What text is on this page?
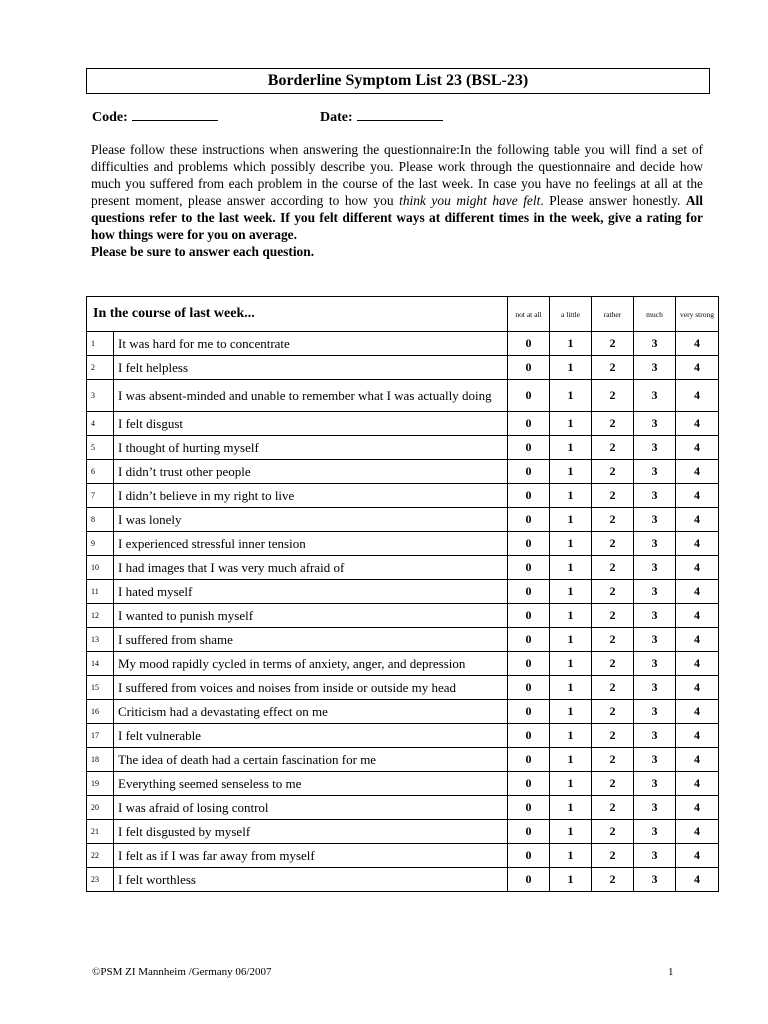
Borderline Symptom List 23 (BSL-23)
Code:	Date:
Please follow these instructions when answering the questionnaire:In the following table you will find a set of difficulties and problems which possibly describe you. Please work through the questionnaire and decide how much you suffered from each problem in the course of the last week. In case you have no feelings at all at the present moment, please answer according to how you think you might have felt. Please answer honestly. All questions refer to the last week. If you felt different ways at different times in the week, give a rating for how things were for you on average.
Please be sure to answer each question.
In the course of last week...		not at all	a little	rather	much	very strong
1	It was hard for me to concentrate	0	1	2	3	4
2	I felt helpless	0	1	2	3	4
3	I was absent-minded and unable to remember what I was actually doing	0	1	2	3	4
4	I felt disgust	0	1	2	3	4
5	I thought of hurting myself	0	1	2	3	4
6	I didn’t trust other people	0	1	2	3	4
7	I didn’t believe in my right to live	0	1	2	3	4
8	I was lonely	0	1	2	3	4
9	I experienced stressful inner tension	0	1	2	3	4
10	I had images that I was very much afraid of	0	1	2	3	4
11	I hated myself	0	1	2	3	4
12	I wanted to punish myself	0	1	2	3	4
13	I suffered from shame	0	1	2	3	4
14	My mood rapidly cycled in terms of anxiety, anger, and depression	0	1	2	3	4
15	I suffered from voices and noises from inside or outside my head	0	1	2	3	4
16	Criticism had a devastating effect on me	0	1	2	3	4
17	I felt vulnerable	0	1	2	3	4
18	The idea of death had a certain fascination for me	0	1	2	3	4
19	Everything seemed senseless to me	0	1	2	3	4
20	I was afraid of losing control	0	1	2	3	4
21	I felt disgusted by myself	0	1	2	3	4
22	I felt as if I was far away from myself	0	1	2	3	4
23	I felt worthless	0	1	2	3	4
©PSM ZI Mannheim /Germany 06/2007	1
